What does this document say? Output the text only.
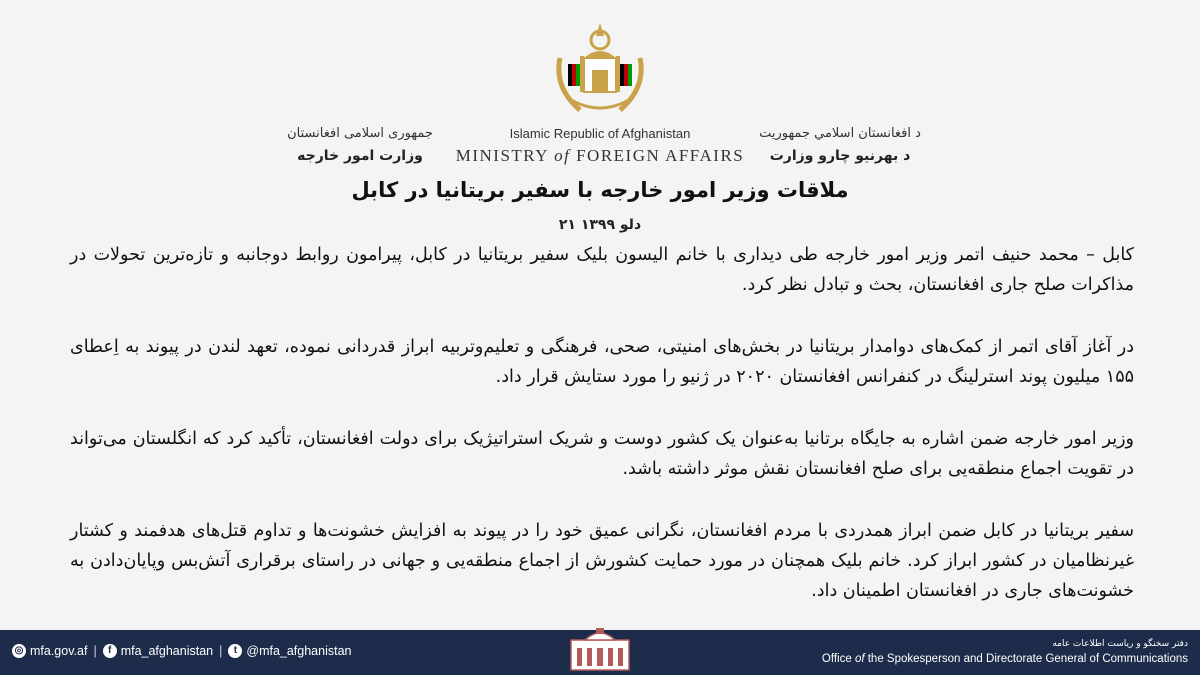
جمهوری اسلامی افغانستان
وزارت امور خارجه
Islamic Republic of Afghanistan
MINISTRY of FOREIGN AFFAIRS
د افغانستان اسلامي جمهوریت
د بهرنیو چارو وزارت
ملاقات وزیر امور خارجه با سفیر بریتانیا در کابل
۲۱ دلو ۱۳۹۹

کابل – محمد حنیف اتمر وزیر امور خارجه طی دیداری با خانم الیسون بلیک سفیر بریتانیا در کابل، پیرامون روابط دوجانبه و تازه‌ترین تحولات در مذاکرات صلح جاری افغانستان، بحث و تبادل نظر کرد.

در آغاز آقای اتمر از کمک‌های دوامدار بریتانیا در بخش‌های امنیتی، صحی، فرهنگی و تعلیم‌وتربیه ابراز قدردانی نموده، تعهد لندن در پیوند به اِعطای ۱۵۵ میلیون پوند استرلینگ در کنفرانس افغانستان ۲۰۲۰ در ژنیو را مورد ستایش قرار داد.

وزیر امور خارجه ضمن اشاره به جایگاه برتانیا به‌عنوان یک کشور دوست و شریک استراتیژیک برای دولت افغانستان، تأکید کرد که انگلستان می‌تواند در تقویت اجماع منطقه‌یی برای صلح افغانستان نقش موثر داشته باشد.

سفیر بریتانیا در کابل ضمن ابراز همدردی با مردم افغانستان، نگرانی عمیق خود را در پیوند به افزایش خشونت‌ها و تداوم قتل‌های هدفمند و کشتار غیرنظامیان در کشور ابراز کرد. خانم بلیک همچنان در مورد حمایت کشورش از اجماع منطقه‌یی و جهانی در راستای برقراری آتش‌بس وپایان‌دادن به خشونت‌های جاری در افغانستان اطمینان داد.

◎ mfa.gov.af |	f mfa_afghanistan |	t @mfa_afghanistan	دفتر سخنگو و ریاست اطلاعات عامه
Office of the Spokesperson and Directorate General of Communications
